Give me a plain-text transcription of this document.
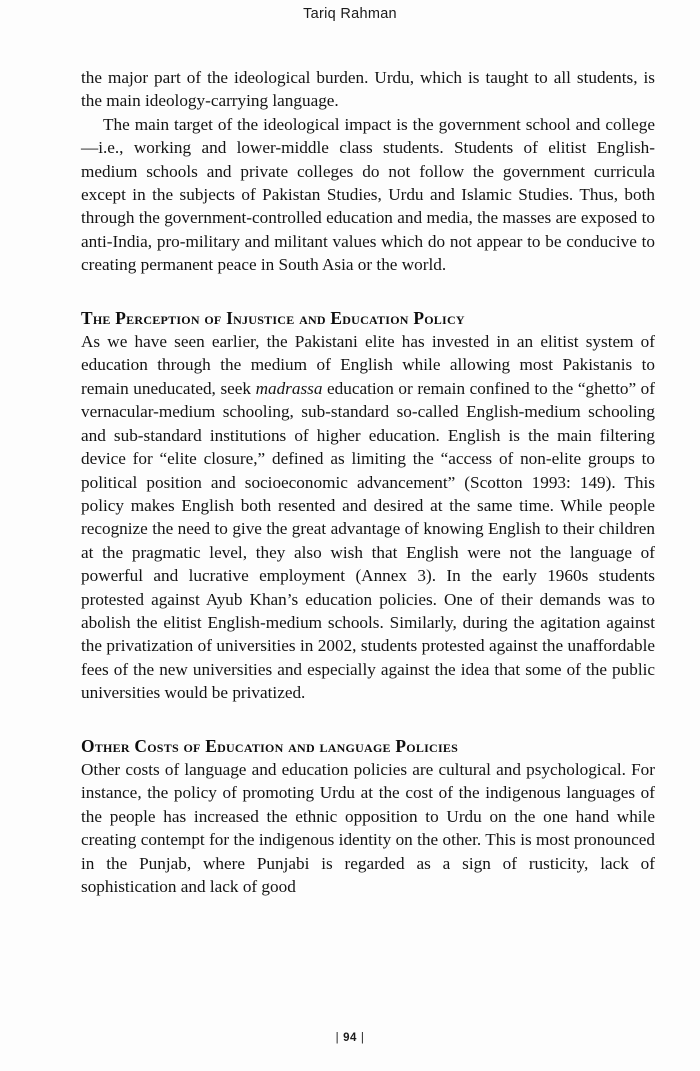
Tariq Rahman

the major part of the ideological burden. Urdu, which is taught to all students, is the main ideology-carrying language.

The main target of the ideological impact is the government school and college—i.e., working and lower-middle class students. Students of elitist English-medium schools and private colleges do not follow the government curricula except in the subjects of Pakistan Studies, Urdu and Islamic Studies. Thus, both through the government-controlled education and media, the masses are exposed to anti-India, pro-military and militant values which do not appear to be conducive to creating permanent peace in South Asia or the world.

The Perception of Injustice and Education Policy

As we have seen earlier, the Pakistani elite has invested in an elitist system of education through the medium of English while allowing most Pakistanis to remain uneducated, seek madrassa education or remain confined to the “ghetto” of vernacular-medium schooling, sub-standard so-called English-medium schooling and sub-standard institutions of higher education. English is the main filtering device for “elite closure,” defined as limiting the “access of non-elite groups to political position and socioeconomic advancement” (Scotton 1993: 149). This policy makes English both resented and desired at the same time. While people recognize the need to give the great advantage of knowing English to their children at the pragmatic level, they also wish that English were not the language of powerful and lucrative employment (Annex 3). In the early 1960s students protested against Ayub Khan’s education policies. One of their demands was to abolish the elitist English-medium schools. Similarly, during the agitation against the privatization of universities in 2002, students protested against the unaffordable fees of the new universities and especially against the idea that some of the public universities would be privatized.

Other Costs of Education and language Policies

Other costs of language and education policies are cultural and psychological. For instance, the policy of promoting Urdu at the cost of the indigenous languages of the people has increased the ethnic opposition to Urdu on the one hand while creating contempt for the indigenous identity on the other. This is most pronounced in the Punjab, where Punjabi is regarded as a sign of rusticity, lack of sophistication and lack of good

| 94 |
